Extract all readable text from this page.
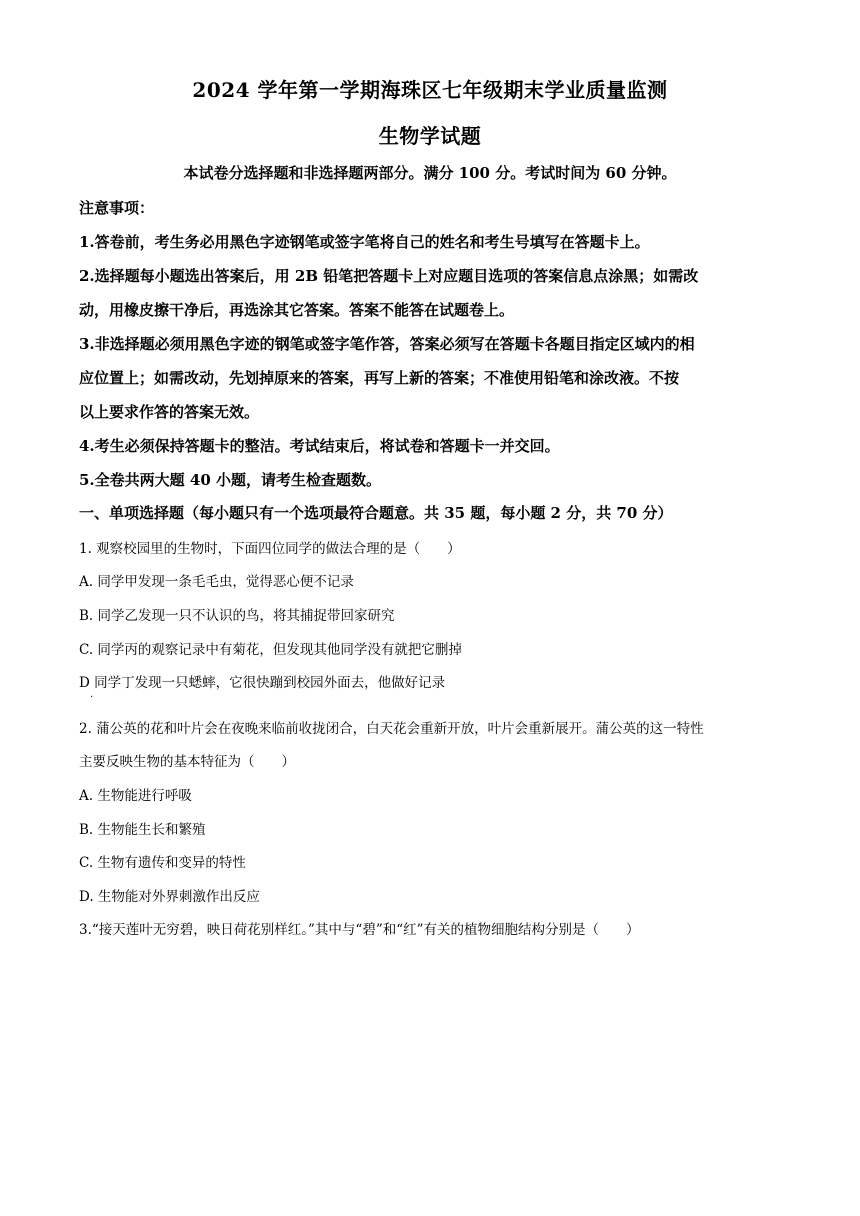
2024 学年第一学期海珠区七年级期末学业质量监测
生物学试题

本试卷分选择题和非选择题两部分。满分 100 分。考试时间为 60 分钟。

注意事项：

1.答卷前，考生务必用黑色字迹钢笔或签字笔将自己的姓名和考生号填写在答题卡上。

2.选择题每小题选出答案后，用 2B 铅笔把答题卡上对应题目选项的答案信息点涂黑；如需改

动，用橡皮擦干净后，再选涂其它答案。答案不能答在试题卷上。

3.非选择题必须用黑色字迹的钢笔或签字笔作答，答案必须写在答题卡各题目指定区域内的相

应位置上；如需改动，先划掉原来的答案，再写上新的答案；不准使用铅笔和涂改液。不按

以上要求作答的答案无效。

4.考生必须保持答题卡的整洁。考试结束后，将试卷和答题卡一并交回。

5.全卷共两大题 40 小题，请考生检查题数。

一、单项选择题（每小题只有一个选项最符合题意。共 35 题，每小题 2 分，共 70 分）

1. 观察校园里的生物时，下面四位同学的做法合理的是（　　）

A. 同学甲发现一条毛毛虫，觉得恶心便不记录

B. 同学乙发现一只不认识的鸟，将其捕捉带回家研究

C. 同学丙的观察记录中有菊花，但发现其他同学没有就把它删掉

D 同学丁发现一只蟋蟀，它很快蹦到校园外面去，他做好记录

.

2. 蒲公英的花和叶片会在夜晚来临前收拢闭合，白天花会重新开放，叶片会重新展开。蒲公英的这一特性

主要反映生物的基本特征为（　　）

A. 生物能进行呼吸

B. 生物能生长和繁殖

C. 生物有遗传和变异的特性

D. 生物能对外界刺激作出反应

3.“接天莲叶无穷碧，映日荷花别样红。”其中与“碧”和“红”有关的植物细胞结构分别是（　　）
